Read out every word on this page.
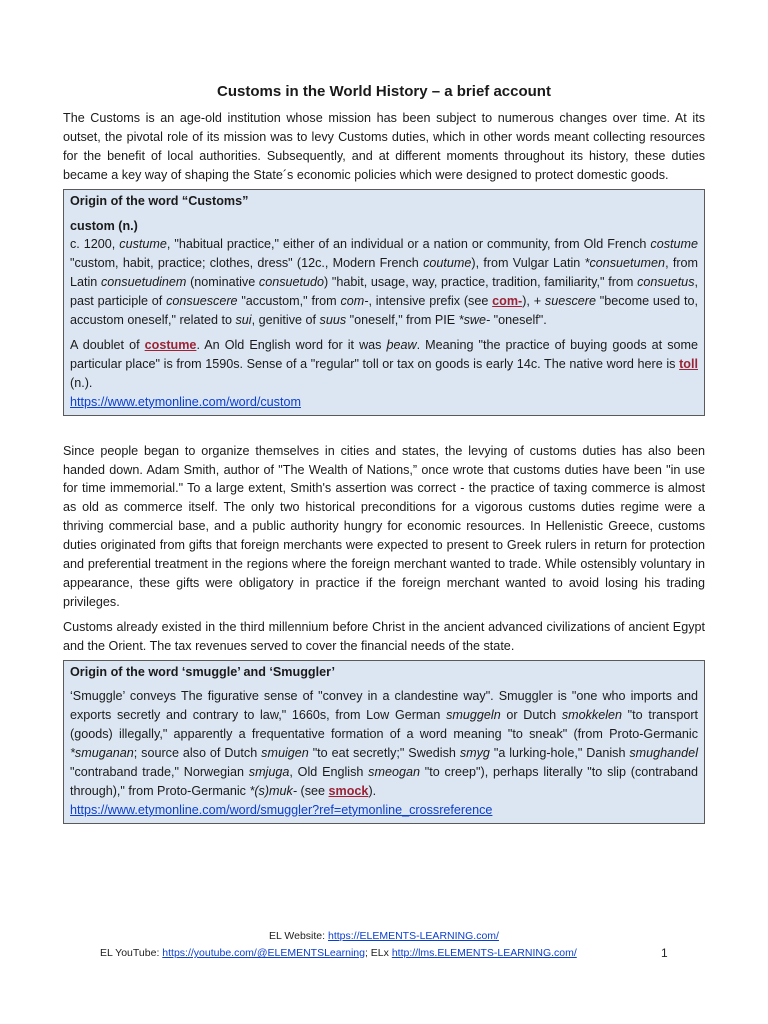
Customs in the World History – a brief account

The Customs is an age-old institution whose mission has been subject to numerous changes over time. At its outset, the pivotal role of its mission was to levy Customs duties, which in other words meant collecting resources for the benefit of local authorities. Subsequently, and at different moments throughout its history, these duties became a key way of shaping the State´s economic policies which were designed to protect domestic goods.

Origin of the word “Customs”
custom (n.)

c. 1200, custume, "habitual practice," either of an individual or a nation or community, from Old French costume "custom, habit, practice; clothes, dress" (12c., Modern French coutume), from Vulgar Latin *consuetumen, from Latin consuetudinem (nominative consuetudo) "habit, usage, way, practice, tradition, familiarity," from consuetus, past participle of consuescere "accustom," from com-, intensive prefix (see com-), + suescere "become used to, accustom oneself," related to sui, genitive of suus "oneself," from PIE *swe- "oneself".

A doublet of costume. An Old English word for it was þeaw. Meaning "the practice of buying goods at some particular place" is from 1590s. Sense of a "regular" toll or tax on goods is early 14c. The native word here is toll (n.).

https://www.etymonline.com/word/custom

Since people began to organize themselves in cities and states, the levying of customs duties has also been handed down. Adam Smith, author of "The Wealth of Nations,” once wrote that customs duties have been "in use for time immemorial." To a large extent, Smith's assertion was correct - the practice of taxing commerce is almost as old as commerce itself. The only two historical preconditions for a vigorous customs duties regime were a thriving commercial base, and a public authority hungry for economic resources. In Hellenistic Greece, customs duties originated from gifts that foreign merchants were expected to present to Greek rulers in return for protection and preferential treatment in the regions where the foreign merchant wanted to trade. While ostensibly voluntary in appearance, these gifts were obligatory in practice if the foreign merchant wanted to avoid losing his trading privileges.

Customs already existed in the third millennium before Christ in the ancient advanced civilizations of ancient Egypt and the Orient. The tax revenues served to cover the financial needs of the state.

Origin of the word ‘smuggle’ and ‘Smuggler’

‘Smuggle’ conveys The figurative sense of "convey in a clandestine way". Smuggler is "one who imports and exports secretly and contrary to law," 1660s, from Low German smuggeln or Dutch smokkelen "to transport (goods) illegally," apparently a frequentative formation of a word meaning "to sneak" (from Proto-Germanic *smuganan; source also of Dutch smuigen "to eat secretly;" Swedish smyg "a lurking-hole," Danish smughandel "contraband trade," Norwegian smjuga, Old English smeogan "to creep"), perhaps literally "to slip (contraband through)," from Proto-Germanic *(s)muk- (see smock).

https://www.etymonline.com/word/smuggler?ref=etymonline_crossreference

EL Website: https://ELEMENTS-LEARNING.com/
EL YouTube: https://youtube.com/@ELEMENTSLearning; ELx http://lms.ELEMENTS-LEARNING.com/	1
